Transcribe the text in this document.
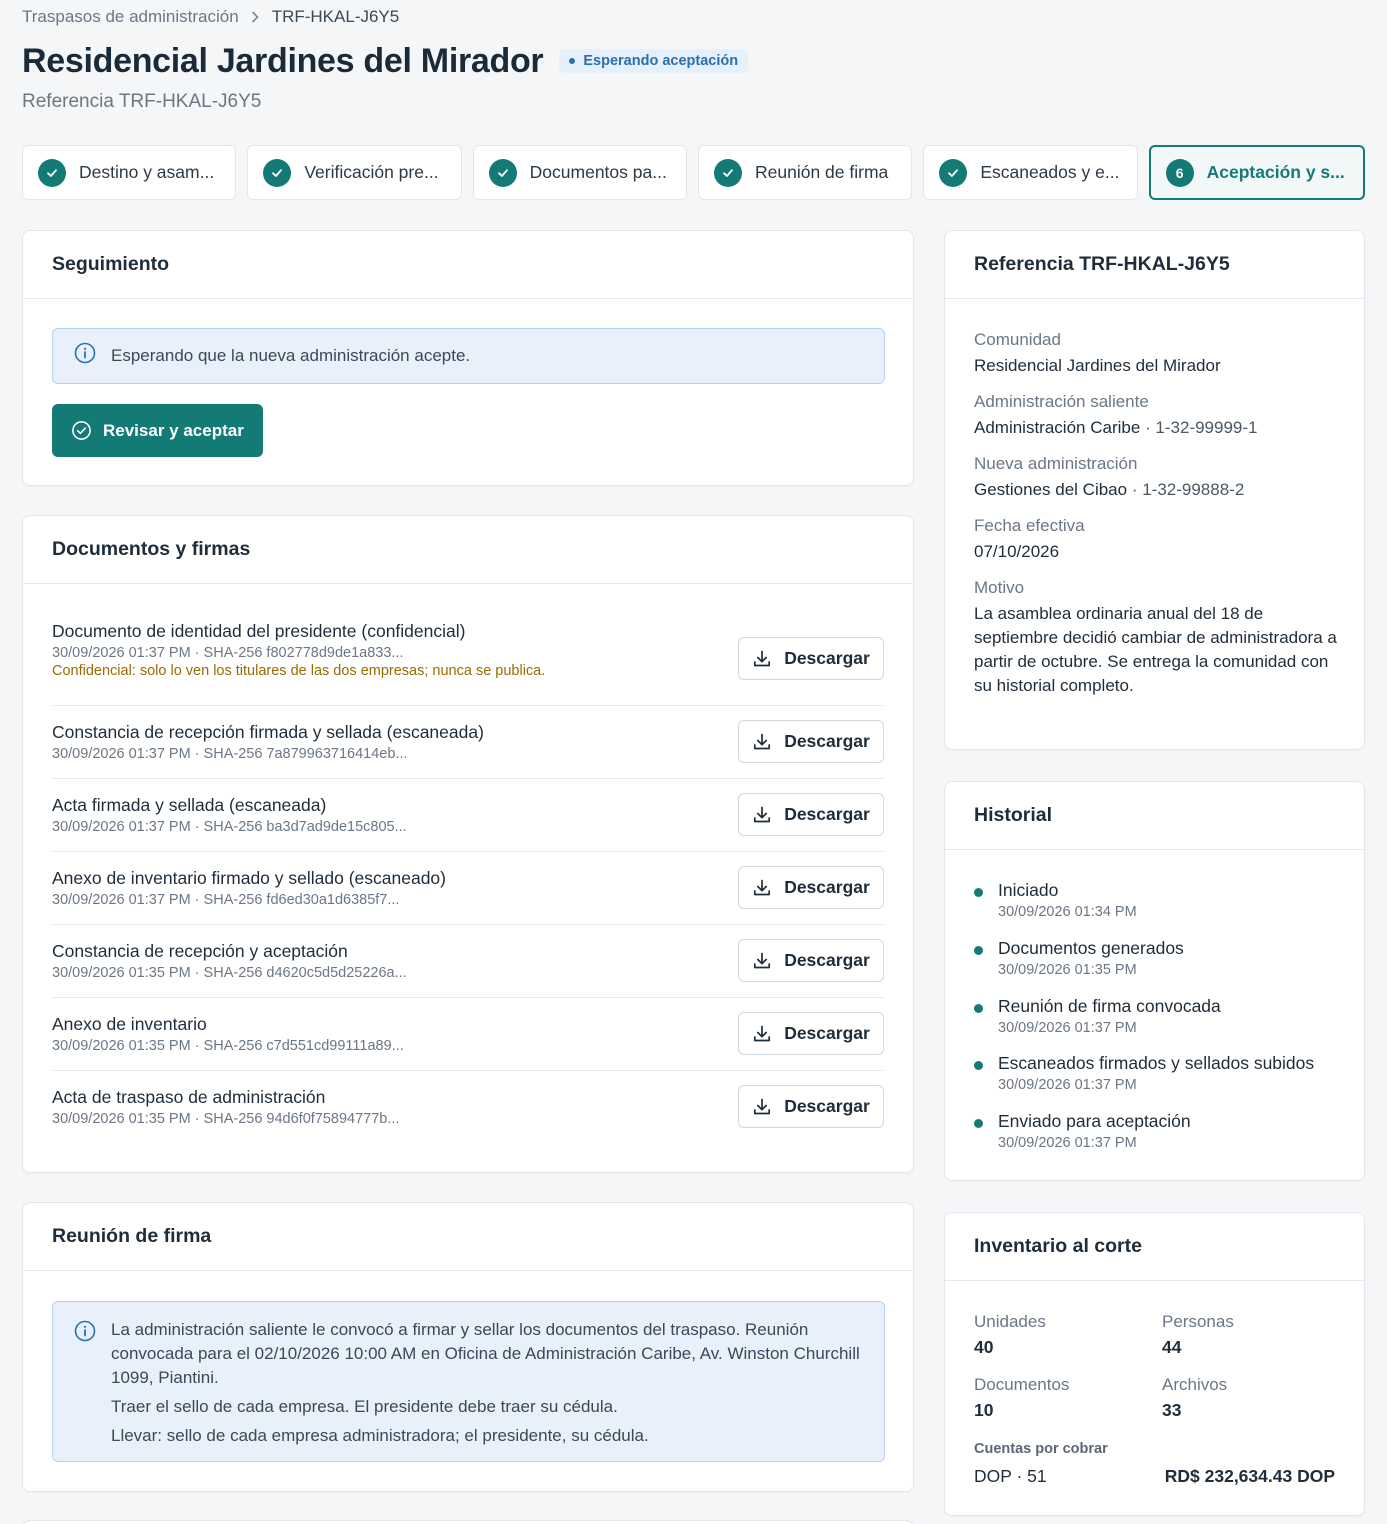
Traspasos de administración TRF-HKAL-J6Y5
Residencial Jardines del Mirador	Esperando aceptación
Referencia TRF-HKAL-J6Y5
Destino y asam...	Verificación pre...	Documentos pa...	Reunión de firma	Escaneados y e...	6	Aceptación y s...
Seguimiento
Esperando que la nueva administración acepte.
Revisar y aceptar
Documentos y firmas
Documento de identidad del presidente (confidencial)
30/09/2026 01:37 PM · SHA-256 f802778d9de1a833...
Confidencial: solo lo ven los titulares de las dos empresas; nunca se publica.
Descargar
Constancia de recepción firmada y sellada (escaneada)
30/09/2026 01:37 PM · SHA-256 7a879963716414eb...
Descargar
Acta firmada y sellada (escaneada)
30/09/2026 01:37 PM · SHA-256 ba3d7ad9de15c805...
Descargar
Anexo de inventario firmado y sellado (escaneado)
30/09/2026 01:37 PM · SHA-256 fd6ed30a1d6385f7...
Descargar
Constancia de recepción y aceptación
30/09/2026 01:35 PM · SHA-256 d4620c5d5d25226a...
Descargar
Anexo de inventario
30/09/2026 01:35 PM · SHA-256 c7d551cd99111a89...
Descargar
Acta de traspaso de administración
30/09/2026 01:35 PM · SHA-256 94d6f0f75894777b...
Descargar
Reunión de firma

La administración saliente le convocó a firmar y sellar los documentos del traspaso. Reunión convocada para el 02/10/2026 10:00 AM en Oficina de Administración Caribe, Av. Winston Churchill 1099, Piantini.

Traer el sello de cada empresa. El presidente debe traer su cédula.

Llevar: sello de cada empresa administradora; el presidente, su cédula.

Referencia TRF-HKAL-J6Y5
Comunidad
Residencial Jardines del Mirador
Administración saliente
Administración Caribe · 1-32-99999-1
Nueva administración
Gestiones del Cibao · 1-32-99888-2
Fecha efectiva
07/10/2026
Motivo
La asamblea ordinaria anual del 18 de septiembre decidió cambiar de administradora a partir de octubre. Se entrega la comunidad con su historial completo.
Historial
Iniciado
30/09/2026 01:34 PM
Documentos generados
30/09/2026 01:35 PM
Reunión de firma convocada
30/09/2026 01:37 PM
Escaneados firmados y sellados subidos
30/09/2026 01:37 PM
Enviado para aceptación
30/09/2026 01:37 PM
Inventario al corte
Unidades
40
Personas
44
Documentos
10
Archivos
33
Cuentas por cobrar
DOP · 51	RD$ 232,634.43 DOP
